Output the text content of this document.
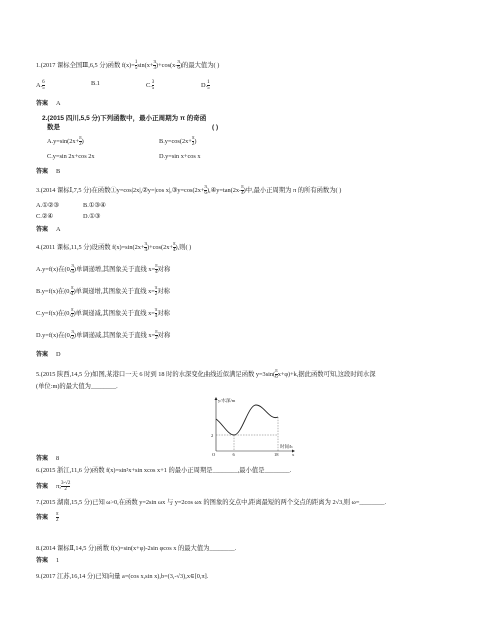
1.(2017 课标全国Ⅲ,6,5 分)函数 $f(x)= \frac{1}{5} \sin(x+ \frac{\pi}{3} )+\cos(x- \frac{\pi}{6}$ )的最大值为( )
A. $\frac{6}{5}$	B.1	C. $\frac{3}{5}$	D. $\frac{1}{5}$
答案 A
2.(2015 四川,5,5 分)下列函数中，最小正周期为 π 的奇函
数是	( )
$A.y=\sin(2x+ \frac{\pi}{2}$ )	$B.y=\cos(2x+ \frac{\pi}{2}$ )
C.y=sin 2x+cos 2x	D.y=sin x+cos x
答案 B
3.(2014 课标Ⅰ,7,5 分)在函数①y=cos|2x|,②y=|cos x|,③y=cos(2x+ $\frac{\pi}{6}$ ),④y=tan(2x- $\frac{\pi}{4}$ )中,最小正周期为 π 的所有函数为( )
A.①②③	B.①③④
C.②④	D.①③
答案 A
4.(2011 课标,11,5 分)设函数 $f(x)=\sin(2x+ \frac{\pi}{4} )+\cos(2x+ \frac{\pi}{4}$ ),则( )
A.y=f(x)在(0, $\frac{\pi}{4}$ )单调递增,其图象关于直线 $x= \frac{\pi}{4}$ 对称
B.y=f(x)在(0, $\frac{\pi}{4}$ )单调递增,其图象关于直线 $x= \frac{\pi}{2}$ 对称
C.y=f(x)在(0, $\frac{\pi}{2}$ )单调递减,其图象关于直线 $x= \frac{\pi}{4}$ 对称
D.y=f(x)在(0, $\frac{\pi}{2}$ )单调递减,其图象关于直线 $x= \frac{\pi}{2}$ 对称
答案 D
5.(2015 陕西,14,5 分)如图,某港口一天 6 时到 18 时的水深变化曲线近似满足函数 $y=3\sin( \frac{\pi}{6} x+\varphi)+k$,据此函数可知,这段时间水深
(单位:m)的最大值为________.
y/水深/m
2
O	6	18
时间/h
x
答案 8
6.(2015 浙江,11,6 分)函数 f(x)=sin²x+sin xcos x+1 的最小正周期是________,最小值是________.
答案 π; $\frac{3-√2}{2}$
7.(2015 湖南,15,5 分)已知 ω>0,在函数 y=2sin ωx 与 y=2cos ωx 的图象的交点中,距离最短的两个交点的距离为 2√3,则 ω=________.
答案 $\frac{\pi}{2}$
8.(2014 课标Ⅱ,14,5 分)函数 f(x)=sin(x+φ)-2sin φcos x 的最大值为________.
答案 1
9.(2017 江苏,16,14 分)已知向量 a=(cos x,sin x),b=(3,-√3),x∈[0,π].
